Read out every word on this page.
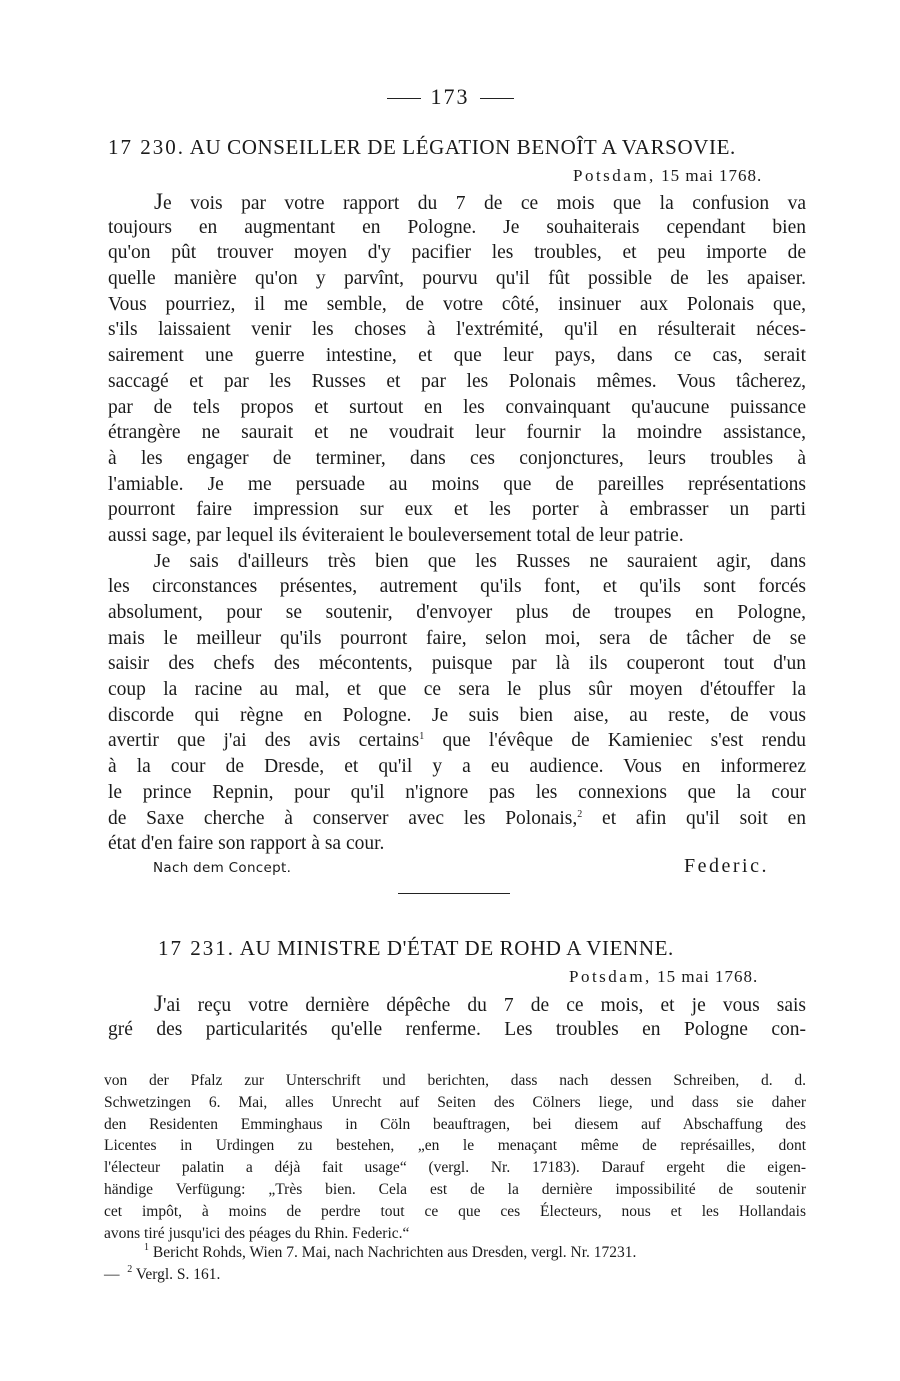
173
17 230. AU CONSEILLER DE LÉGATION BENOÎT A VARSOVIE.
Potsdam, 15 mai 1768.
Je vois par votre rapport du 7 de ce mois que la confusion va
toujours en augmentant en Pologne. Je souhaiterais cependant bien
qu'on pût trouver moyen d'y pacifier les troubles, et peu importe de
quelle manière qu'on y parvînt, pourvu qu'il fût possible de les apaiser.
Vous pourriez, il me semble, de votre côté, insinuer aux Polonais que,
s'ils laissaient venir les choses à l'extrémité, qu'il en résulterait néces-
sairement une guerre intestine, et que leur pays, dans ce cas, serait
saccagé et par les Russes et par les Polonais mêmes. Vous tâcherez,
par de tels propos et surtout en les convainquant qu'aucune puissance
étrangère ne saurait et ne voudrait leur fournir la moindre assistance,
à les engager de terminer, dans ces conjonctures, leurs troubles à
l'amiable. Je me persuade au moins que de pareilles représentations
pourront faire impression sur eux et les porter à embrasser un parti
aussi sage, par lequel ils éviteraient le bouleversement total de leur patrie.
Je sais d'ailleurs très bien que les Russes ne sauraient agir, dans
les circonstances présentes, autrement qu'ils font, et qu'ils sont forcés
absolument, pour se soutenir, d'envoyer plus de troupes en Pologne,
mais le meilleur qu'ils pourront faire, selon moi, sera de tâcher de se
saisir des chefs des mécontents, puisque par là ils couperont tout d'un
coup la racine au mal, et que ce sera le plus sûr moyen d'étouffer la
discorde qui règne en Pologne. Je suis bien aise, au reste, de vous
avertir que j'ai des avis certains$^1$ que l'évêque de Kamieniec s'est rendu
à la cour de Dresde, et qu'il y a eu audience. Vous en informerez
le prince Repnin, pour qu'il n'ignore pas les connexions que la cour
de Saxe cherche à conserver avec les Polonais,$^2$ et afin qu'il soit en
état d'en faire son rapport à sa cour.
Nach dem Concept.	Federic.
17 231. AU MINISTRE D'ÉTAT DE ROHD A VIENNE.
Potsdam, 15 mai 1768.
J'ai reçu votre dernière dépêche du 7 de ce mois, et je vous sais
gré des particularités qu'elle renferme. Les troubles en Pologne con-
von der Pfalz zur Unterschrift und berichten, dass nach dessen Schreiben, d. d.
Schwetzingen 6. Mai, alles Unrecht auf Seiten des Cölners liege, und dass sie daher
den Residenten Emminghaus in Cöln beauftragen, bei diesem auf Abschaffung des
Licentes in Urdingen zu bestehen, „en le menaçant même de représailles, dont
l'électeur palatin a déjà fait usage“ (vergl. Nr. 17183). Darauf ergeht die eigen-
händige Verfügung: „Très bien. Cela est de la dernière impossibilité de soutenir
cet impôt, à moins de perdre tout ce que ces Électeurs, nous et les Hollandais
avons tiré jusqu'ici des péages du Rhin. Federic.“
$^1$ Bericht Rohds, Wien 7. Mai, nach Nachrichten aus Dresden, vergl. Nr. 17231.
— $^2$ Vergl. S. 161.
